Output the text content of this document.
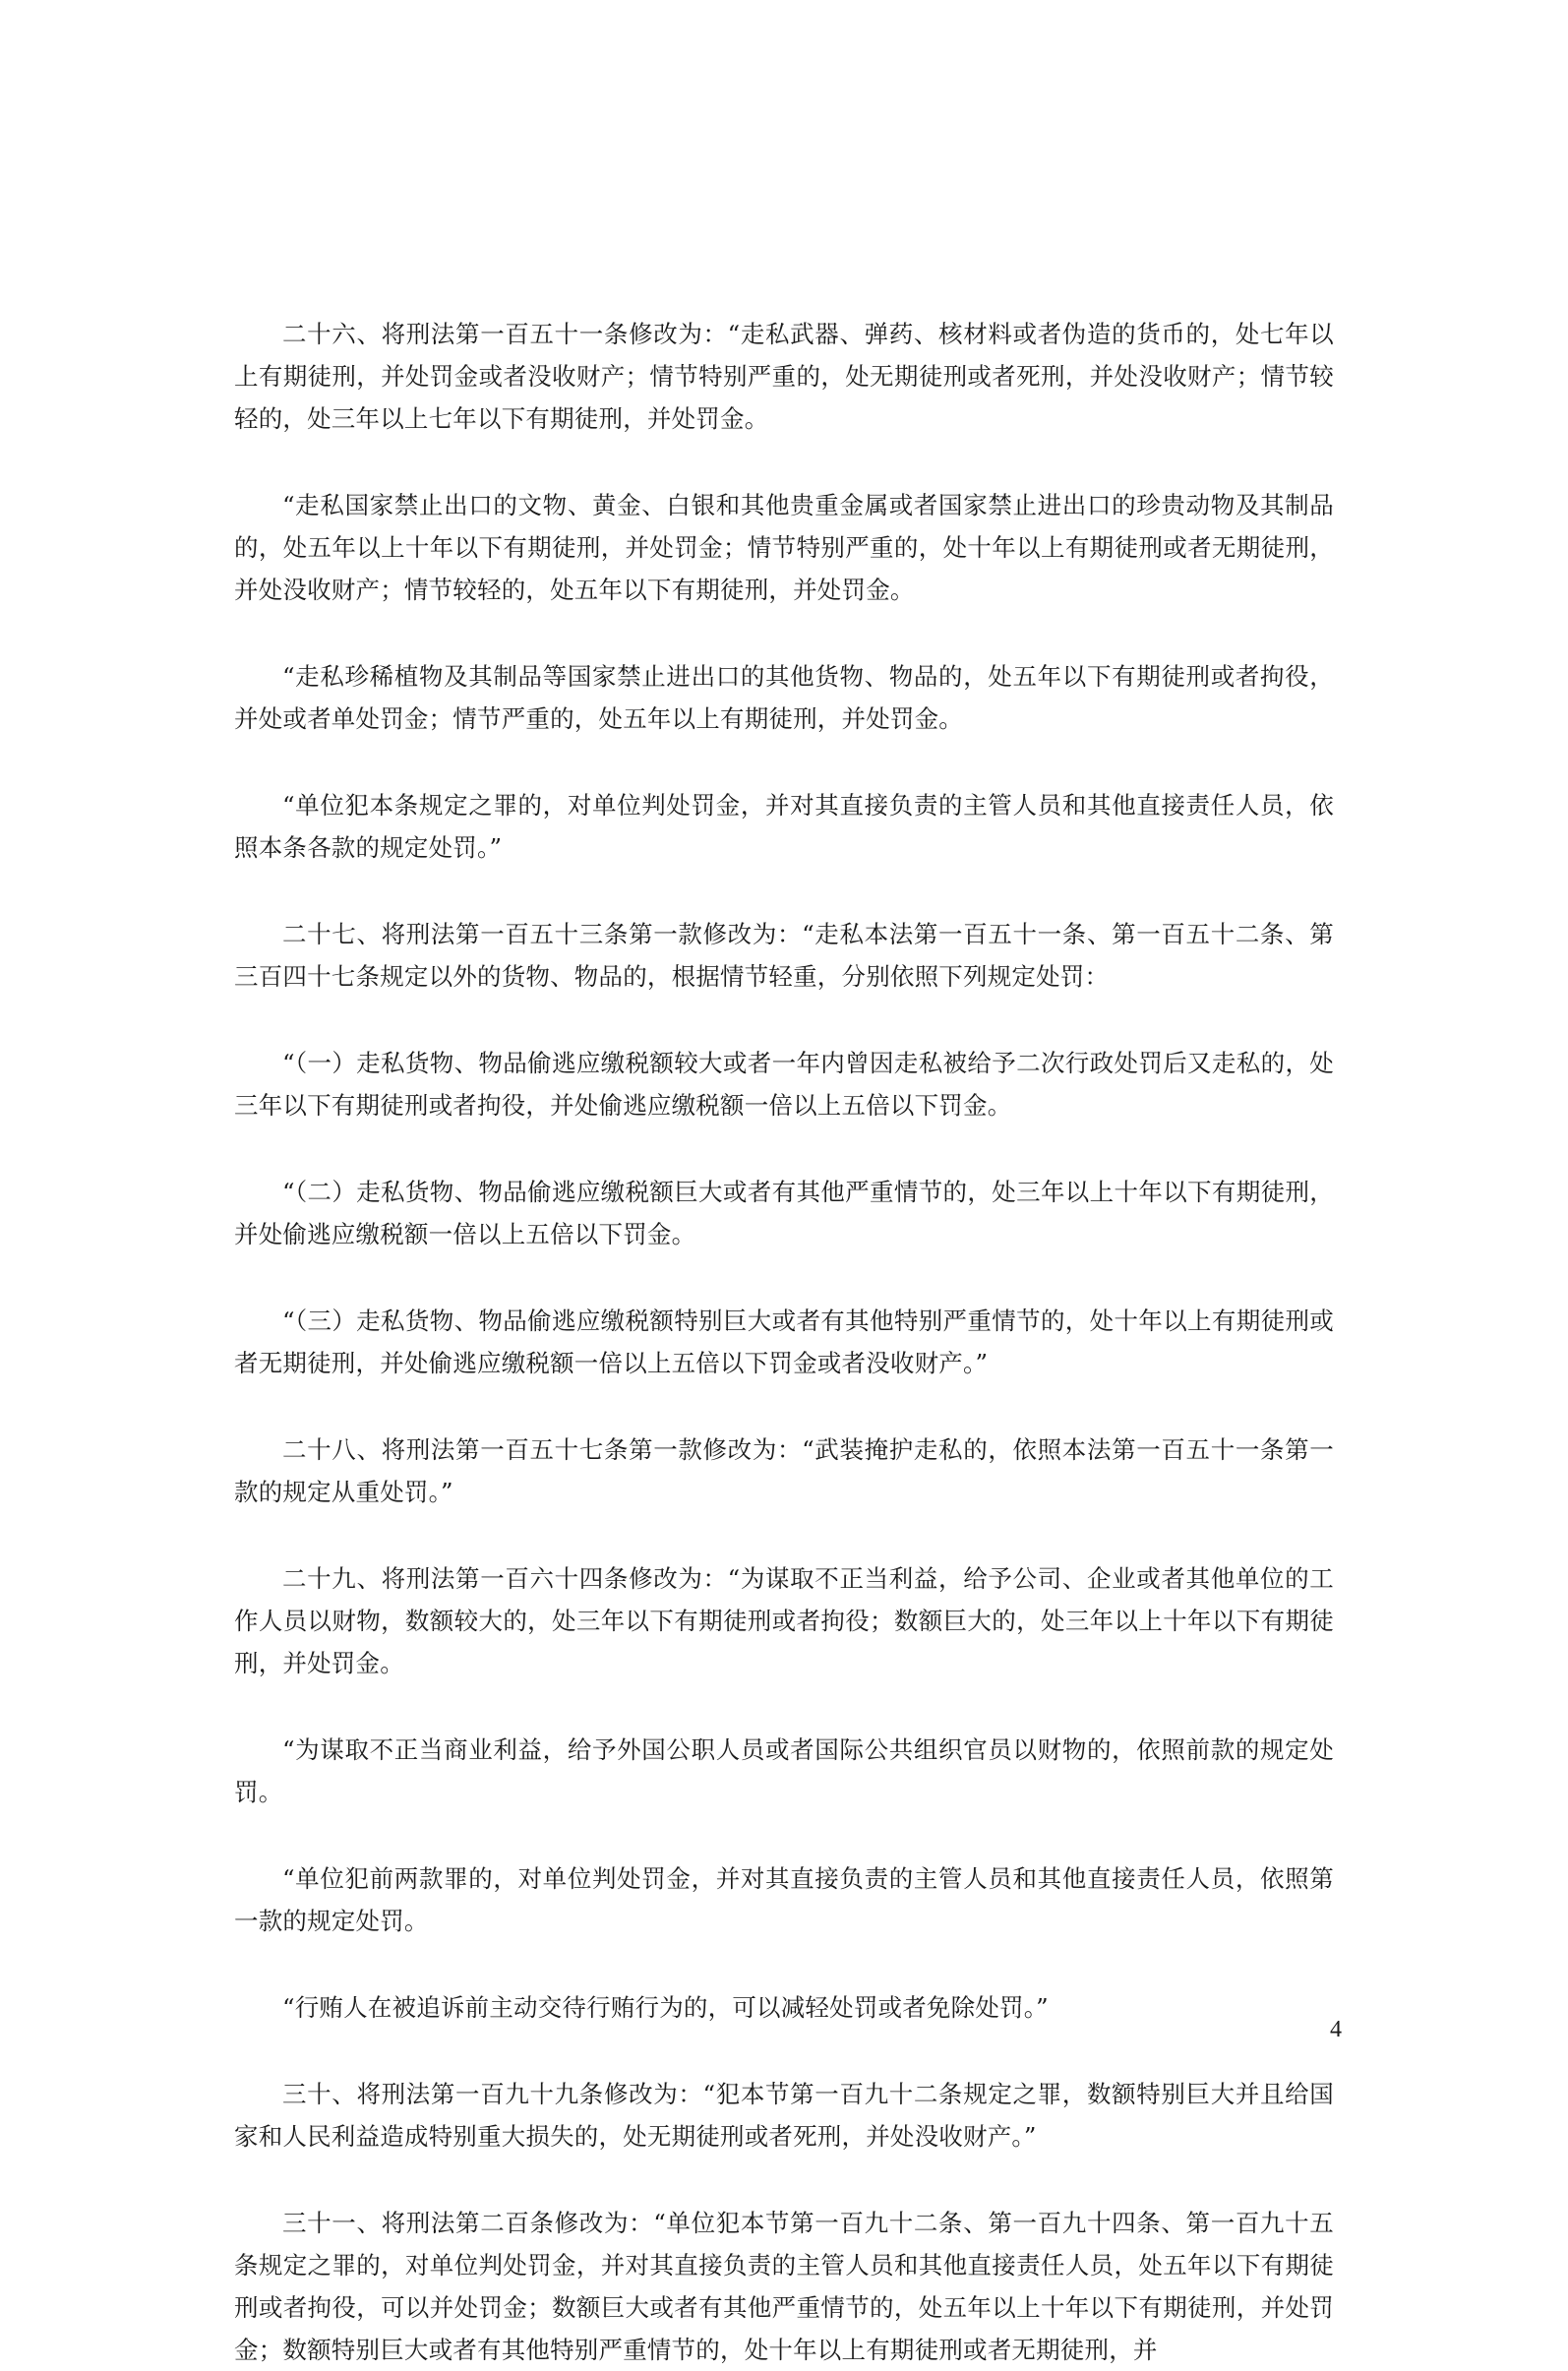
二十六、将刑法第一百五十一条修改为：“走私武器、弹药、核材料或者伪造的货币的，处七年以上有期徒刑，并处罚金或者没收财产；情节特别严重的，处无期徒刑或者死刑，并处没收财产；情节较轻的，处三年以上七年以下有期徒刑，并处罚金。

“走私国家禁止出口的文物、黄金、白银和其他贵重金属或者国家禁止进出口的珍贵动物及其制品的，处五年以上十年以下有期徒刑，并处罚金；情节特别严重的，处十年以上有期徒刑或者无期徒刑，并处没收财产；情节较轻的，处五年以下有期徒刑，并处罚金。

“走私珍稀植物及其制品等国家禁止进出口的其他货物、物品的，处五年以下有期徒刑或者拘役，并处或者单处罚金；情节严重的，处五年以上有期徒刑，并处罚金。

“单位犯本条规定之罪的，对单位判处罚金，并对其直接负责的主管人员和其他直接责任人员，依照本条各款的规定处罚。”

二十七、将刑法第一百五十三条第一款修改为：“走私本法第一百五十一条、第一百五十二条、第三百四十七条规定以外的货物、物品的，根据情节轻重，分别依照下列规定处罚：

“（一）走私货物、物品偷逃应缴税额较大或者一年内曾因走私被给予二次行政处罚后又走私的，处三年以下有期徒刑或者拘役，并处偷逃应缴税额一倍以上五倍以下罚金。

“（二）走私货物、物品偷逃应缴税额巨大或者有其他严重情节的，处三年以上十年以下有期徒刑，并处偷逃应缴税额一倍以上五倍以下罚金。

“（三）走私货物、物品偷逃应缴税额特别巨大或者有其他特别严重情节的，处十年以上有期徒刑或者无期徒刑，并处偷逃应缴税额一倍以上五倍以下罚金或者没收财产。”

二十八、将刑法第一百五十七条第一款修改为：“武装掩护走私的，依照本法第一百五十一条第一款的规定从重处罚。”

二十九、将刑法第一百六十四条修改为：“为谋取不正当利益，给予公司、企业或者其他单位的工作人员以财物，数额较大的，处三年以下有期徒刑或者拘役；数额巨大的，处三年以上十年以下有期徒刑，并处罚金。

“为谋取不正当商业利益，给予外国公职人员或者国际公共组织官员以财物的，依照前款的规定处罚。

“单位犯前两款罪的，对单位判处罚金，并对其直接负责的主管人员和其他直接责任人员，依照第一款的规定处罚。

“行贿人在被追诉前主动交待行贿行为的，可以减轻处罚或者免除处罚。”

三十、将刑法第一百九十九条修改为：“犯本节第一百九十二条规定之罪，数额特别巨大并且给国家和人民利益造成特别重大损失的，处无期徒刑或者死刑，并处没收财产。”

三十一、将刑法第二百条修改为：“单位犯本节第一百九十二条、第一百九十四条、第一百九十五条规定之罪的，对单位判处罚金，并对其直接负责的主管人员和其他直接责任人员，处五年以下有期徒刑或者拘役，可以并处罚金；数额巨大或者有其他严重情节的，处五年以上十年以下有期徒刑，并处罚金；数额特别巨大或者有其他特别严重情节的，处十年以上有期徒刑或者无期徒刑，并

4
